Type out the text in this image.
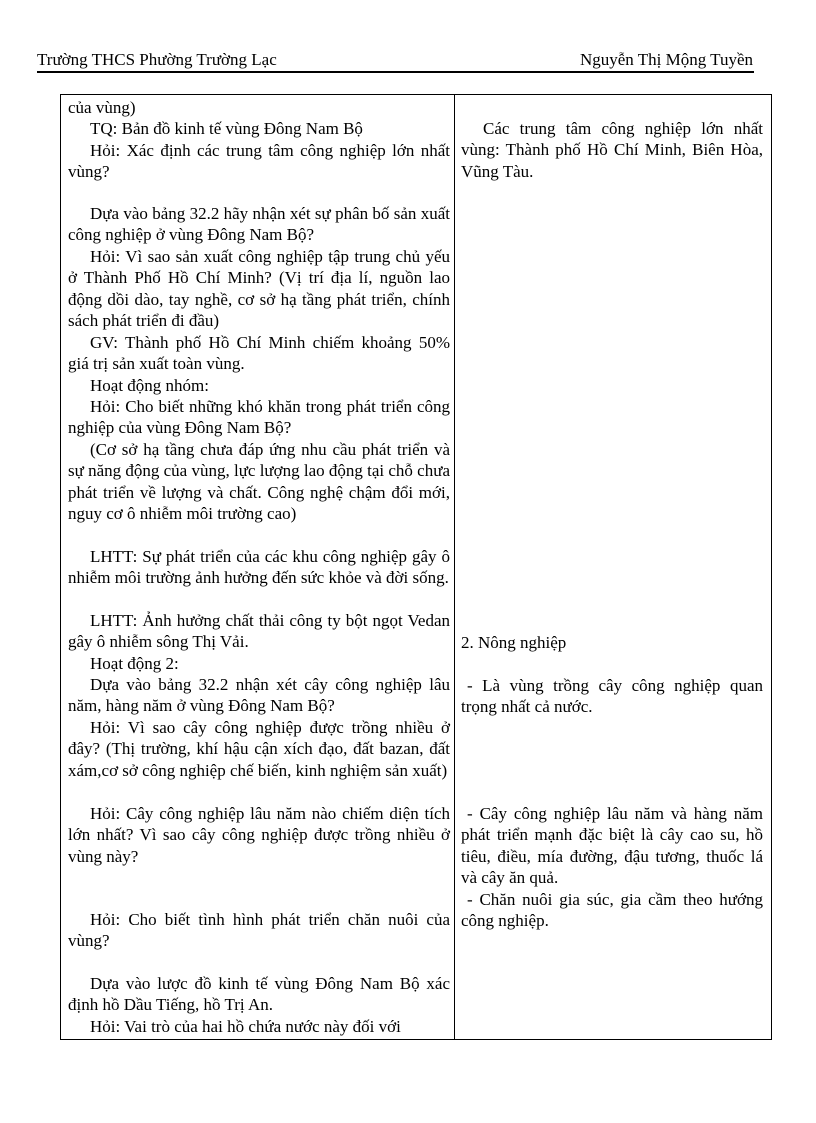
Trường THCS Phường Trường Lạc	Nguyễn Thị Mộng Tuyền

của vùng)

TQ: Bản đồ kinh tế vùng Đông Nam Bộ

Hỏi: Xác định các trung tâm công nghiệp lớn nhất vùng?

Dựa vào bảng 32.2 hãy nhận xét sự phân bố sản xuất công nghiệp ở vùng Đông Nam Bộ?

Hỏi: Vì sao sản xuất công nghiệp tập trung chủ yếu ở Thành Phố Hồ Chí Minh? (Vị trí địa lí, nguồn lao động dồi dào, tay nghề, cơ sở hạ tầng phát triển, chính sách phát triển đi đầu)

GV: Thành phố Hồ Chí Minh chiếm khoảng 50% giá trị sản xuất toàn vùng.

Hoạt động nhóm:

Hỏi: Cho biết những khó khăn trong phát triển công nghiệp của vùng Đông Nam Bộ?

(Cơ sở hạ tầng chưa đáp ứng nhu cầu phát triển và sự năng động của vùng, lực lượng lao động tại chỗ chưa phát triển về lượng và chất. Công nghệ chậm đổi mới, nguy cơ ô nhiễm môi trường cao)

LHTT: Sự phát triển của các khu công nghiệp gây ô nhiễm môi trường ảnh hưởng đến sức khỏe và đời sống.

LHTT: Ảnh hưởng chất thải công ty bột ngọt Vedan gây ô nhiễm sông Thị Vải.

Hoạt động 2:

Dựa vào bảng 32.2 nhận xét cây công nghiệp lâu năm, hàng năm ở vùng Đông Nam Bộ?

Hỏi: Vì sao cây công nghiệp được trồng nhiều ở đây? (Thị trường, khí hậu cận xích đạo, đất bazan, đất xám,cơ sở công nghiệp chế biến, kinh nghiệm sản xuất)

Hỏi: Cây công nghiệp lâu năm nào chiếm diện tích lớn nhất? Vì sao cây công nghiệp được trồng nhiều ở vùng này?

Hỏi: Cho biết tình hình phát triển chăn nuôi của vùng?

Dựa vào lược đồ kinh tế vùng Đông Nam Bộ xác định hồ Dầu Tiếng, hồ Trị An.

Hỏi: Vai trò của hai hồ chứa nước này đối với

Các trung tâm công nghiệp lớn nhất vùng: Thành phố Hồ Chí Minh, Biên Hòa, Vũng Tàu.

2. Nông nghiệp

- Là vùng trồng cây công nghiệp quan trọng nhất cả nước.

- Cây công nghiệp lâu năm và hàng năm phát triển mạnh đặc biệt là cây cao su, hồ tiêu, điều, mía đường, đậu tương, thuốc lá và cây ăn quả.

- Chăn nuôi gia súc, gia cầm theo hướng công nghiệp.
